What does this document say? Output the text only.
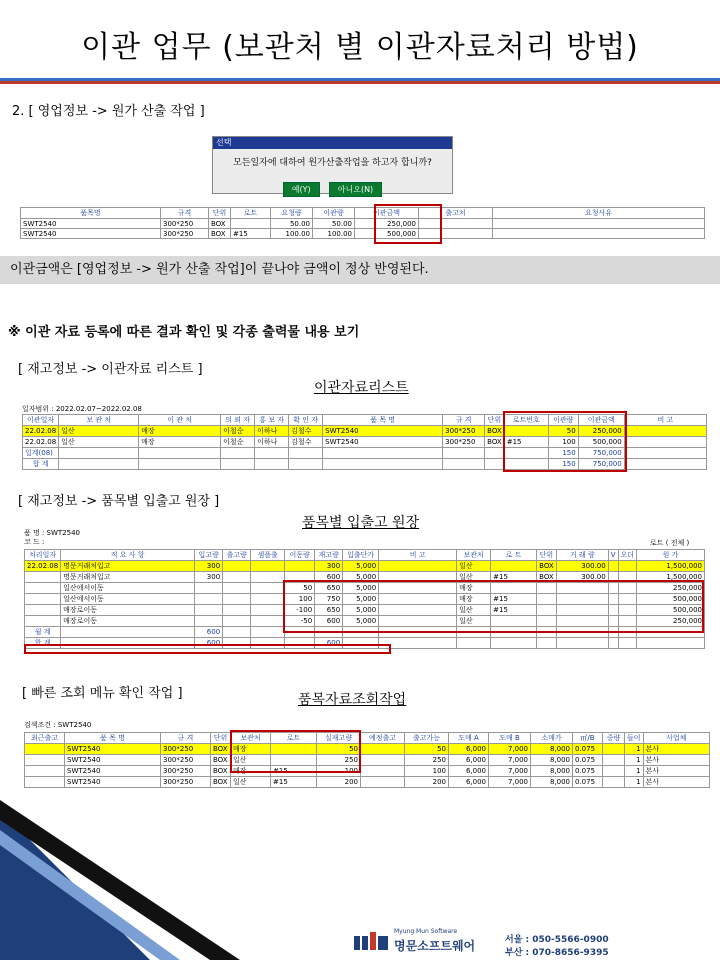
이관 업무 (보관처 별 이관자료처리 방법)
2. [ 영업정보 -> 원가 산출 작업 ]
선택
모든일자에 대하여 원가산출작업을 하고자 합니까?
예(Y)	아니오(N)
품목명	규격	단위	로트	요청량	이관량	이관금액	출고처	요청사유
SWT2540	300*250	BOX		50.00	50.00	250,000		
SWT2540	300*250	BOX	#15	100.00	100.00	500,000		
이관금액은 [영업정보 -> 원가 산출 작업]이 끝나야 금액이 정상 반영된다.
※ 이관 자료 등록에 따른 결과 확인 및 각종 출력물 내용 보기
[ 재고정보 -> 이관자료 리스트 ]
이관자료리스트
일자범위 : 2022.02.07~2022.02.08
이관일자	보 관 처	이 관 처	의 뢰 자	홍 보 자	확 인 자	품 목 명	규 격	단위	로트번호	이관량	이관금액	비 고
22.02.08	일산	매장	이철순	이하나	김철수	SWT2540	300*250	BOX		50	250,000	
22.02.08	일산	매장	이철순	이하나	김철수	SWT2540	300*250	BOX	#15	100	500,000	
일계(08)										150	750,000	
합 계										150	750,000	
[ 재고정보 -> 품목별 입출고 원장 ]
품목별 입출고 원장
품 명 : SWT2540
코 드 :	로트 ( 전체 )
처리일자	적 요 사 항	입고량	출고량	샘플출	이동량	재고량	입출단가	비 고	보관처	로 트	단위	거 래 량	V	오더	원 가
22.02.08	명문거래처입고	300				300	5,000		일산		BOX	300.00			1,500,000
	명문거래처입고	300				600	5,000		일산	#15	BOX	300.00			1,500,000
	일산에서이동				50	650	5,000		매장						250,000
	일산에서이동				100	750	5,000		매장	#15					500,000
	매장로이동				-100	650	5,000		일산	#15					500,000
	매장로이동				-50	600	5,000		일산						250,000
월 계		600													
합 계		600				600									
[ 빠른 조회 메뉴 확인 작업 ]	품목자료조회작업
검색조건 : SWT2540
최근출고	품 목 명	규 격	단위	보관처	로트	실재고량	예정출고	출고가능	도매 A	도매 B	소매가	㎡/B	중량	들이	사업체
	SWT2540	300*250	BOX	매장		50		50	6,000	7,000	8,000	0.075		1	본사
	SWT2540	300*250	BOX	일산		250		250	6,000	7,000	8,000	0.075		1	본사
	SWT2540	300*250	BOX	매장	#15	100		100	6,000	7,000	8,000	0.075		1	본사
	SWT2540	300*250	BOX	일산	#15	200		200	6,000	7,000	8,000	0.075		1	본사
Myung Mun Software
명문소프트웨어	서울 : 050-5566-0900
부산 : 070-8656-9395
